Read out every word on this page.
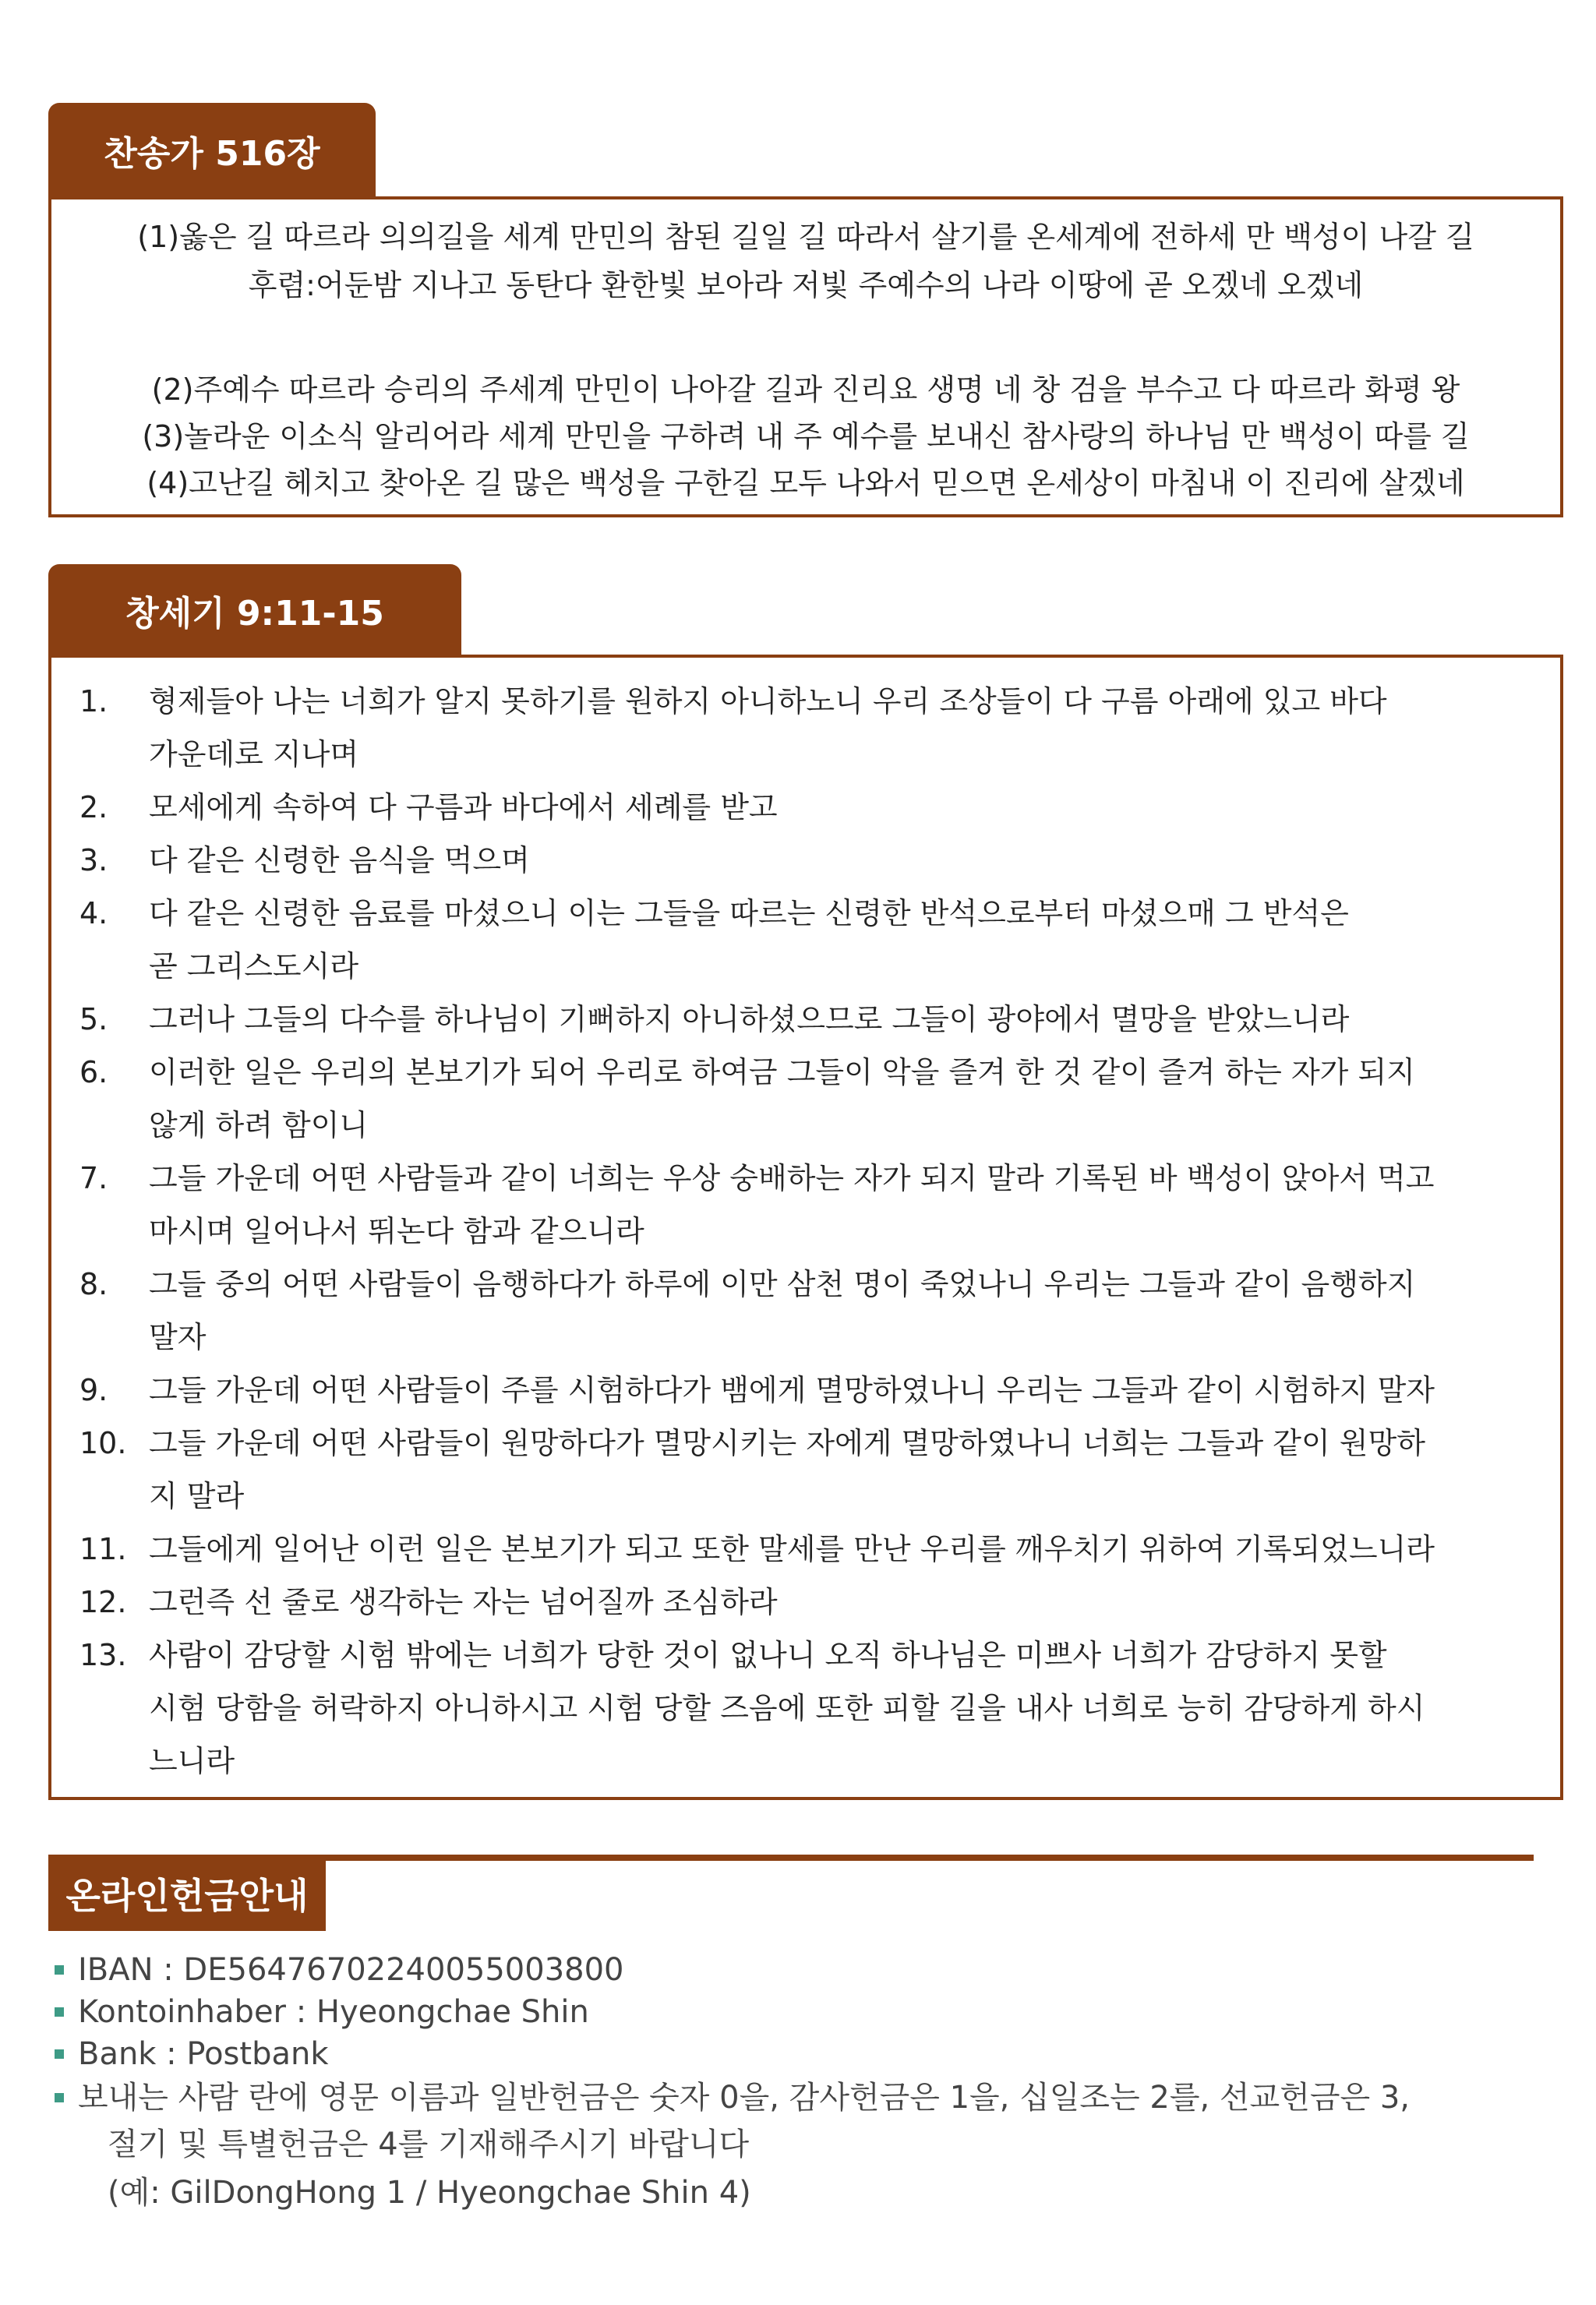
찬송가 516장
(1)옳은 길 따르라 의의길을 세계 만민의 참된 길일 길 따라서 살기를 온세계에 전하세 만 백성이 나갈 길
후렴:어둔밤 지나고 동탄다 환한빛 보아라 저빛 주예수의 나라 이땅에 곧 오겠네 오겠네
(2)주예수 따르라 승리의 주세계 만민이 나아갈 길과 진리요 생명 네 창 검을 부수고 다 따르라 화평 왕
(3)놀라운 이소식 알리어라 세계 만민을 구하려 내 주 예수를 보내신 참사랑의 하나님 만 백성이 따를 길
(4)고난길 헤치고 찾아온 길 많은 백성을 구한길 모두 나와서 믿으면 온세상이 마침내 이 진리에 살겠네
창세기 9:11-15
1.	형제들아 나는 너희가 알지 못하기를 원하지 아니하노니 우리 조상들이 다 구름 아래에 있고 바다
가운데로 지나며
2.	모세에게 속하여 다 구름과 바다에서 세례를 받고
3.	다 같은 신령한 음식을 먹으며
4.	다 같은 신령한 음료를 마셨으니 이는 그들을 따르는 신령한 반석으로부터 마셨으매 그 반석은
곧 그리스도시라
5.	그러나 그들의 다수를 하나님이 기뻐하지 아니하셨으므로 그들이 광야에서 멸망을 받았느니라
6.	이러한 일은 우리의 본보기가 되어 우리로 하여금 그들이 악을 즐겨 한 것 같이 즐겨 하는 자가 되지
않게 하려 함이니
7.	그들 가운데 어떤 사람들과 같이 너희는 우상 숭배하는 자가 되지 말라 기록된 바 백성이 앉아서 먹고
마시며 일어나서 뛰논다 함과 같으니라
8.	그들 중의 어떤 사람들이 음행하다가 하루에 이만 삼천 명이 죽었나니 우리는 그들과 같이 음행하지
말자
9.	그들 가운데 어떤 사람들이 주를 시험하다가 뱀에게 멸망하였나니 우리는 그들과 같이 시험하지 말자
10. 그들 가운데 어떤 사람들이 원망하다가 멸망시키는 자에게 멸망하였나니 너희는 그들과 같이 원망하
지 말라
11. 그들에게 일어난 이런 일은 본보기가 되고 또한 말세를 만난 우리를 깨우치기 위하여 기록되었느니라
12. 그런즉 선 줄로 생각하는 자는 넘어질까 조심하라
13. 사람이 감당할 시험 밖에는 너희가 당한 것이 없나니 오직 하나님은 미쁘사 너희가 감당하지 못할
시험 당함을 허락하지 아니하시고 시험 당할 즈음에 또한 피할 길을 내사 너희로 능히 감당하게 하시
느니라
온라인헌금안내
IBAN : DE56476702240055003800
Kontoinhaber : Hyeongchae Shin
Bank : Postbank
보내는 사람 란에 영문 이름과 일반헌금은 숫자 0을, 감사헌금은 1을, 십일조는 2를, 선교헌금은 3,
절기 및 특별헌금은 4를 기재해주시기 바랍니다
(예: GilDongHong 1 / Hyeongchae Shin 4)
